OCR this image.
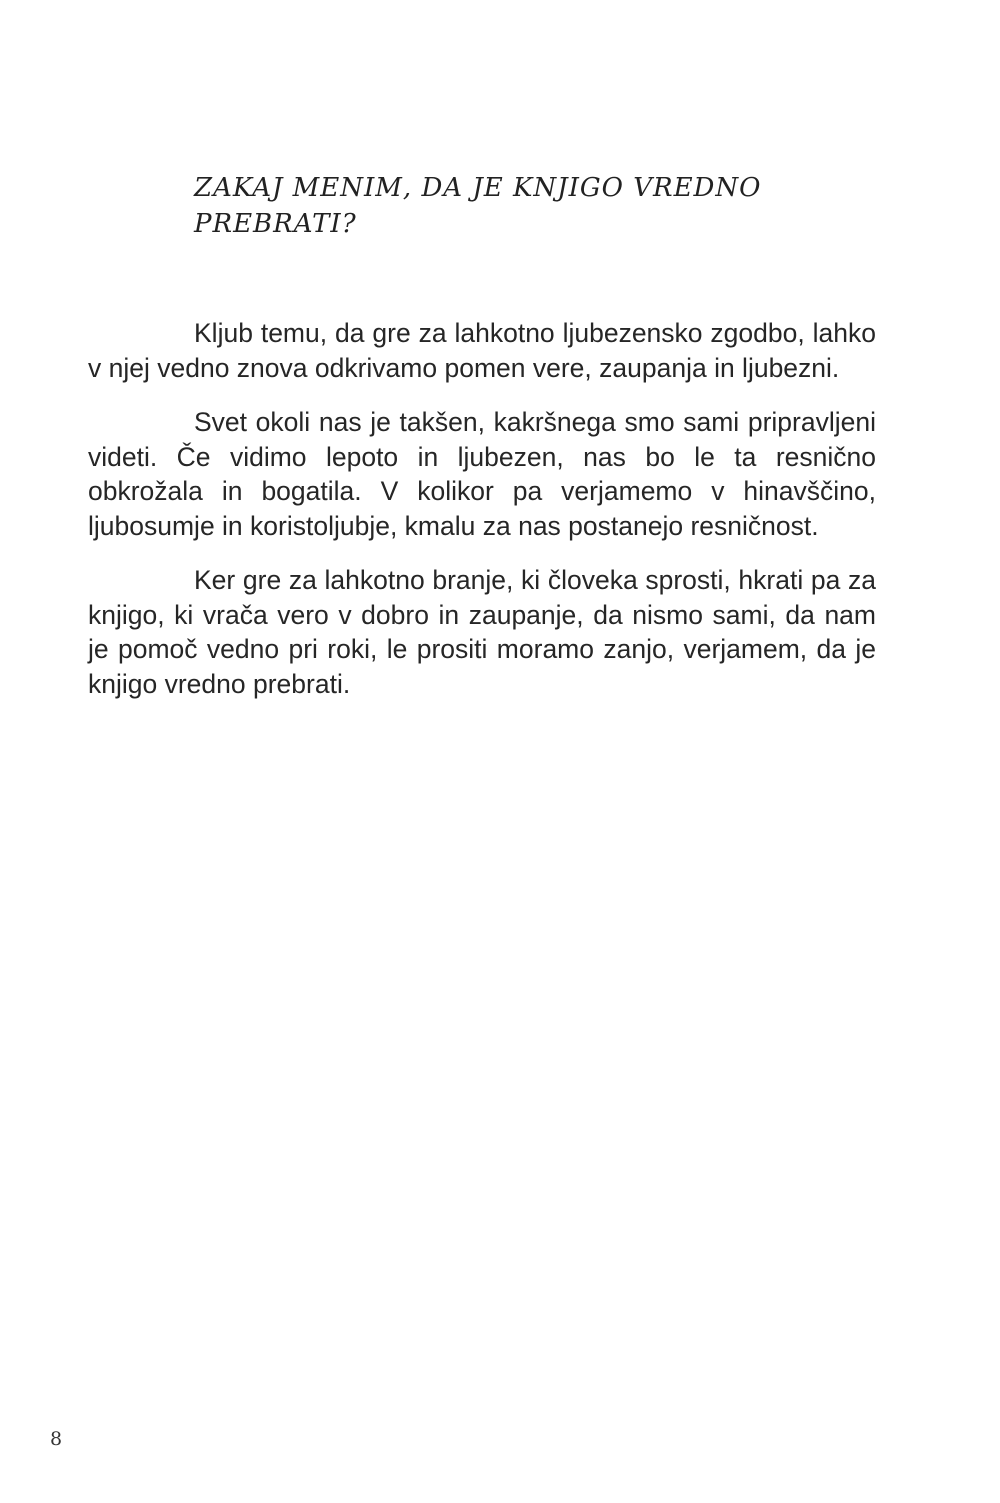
ZAKAJ MENIM, DA JE KNJIGO VREDNO PREBRATI?

Kljub temu, da gre za lahkotno ljubezensko zgodbo, lahko v njej vedno znova odkrivamo pomen vere, zaupanja in ljubezni.

Svet okoli nas je takšen, kakršnega smo sami pripravljeni videti. Če vidimo lepoto in ljubezen, nas bo le ta resnično obkrožala in bogatila. V kolikor pa verjamemo v hinavščino, ljubosumje in koristoljubje, kmalu za nas postanejo resničnost.

Ker gre za lahkotno branje, ki človeka sprosti, hkrati pa za knjigo, ki vrača vero v dobro in zaupanje, da nismo sami, da nam je pomoč vedno pri roki, le prositi moramo zanjo, verjamem, da je knjigo vredno prebrati.

8
